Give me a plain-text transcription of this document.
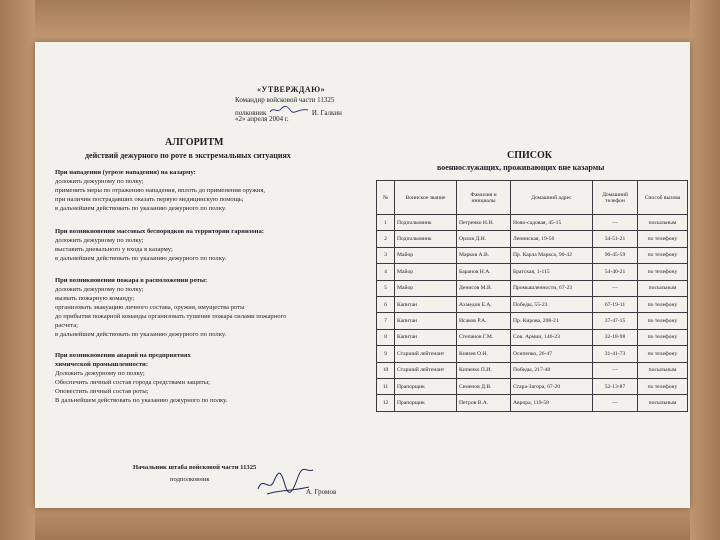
«УТВЕРЖДАЮ»
Командир войсковой части 11325
полковник	И. Галкин
«2» апреля 2004 г.
АЛГОРИТМ
действий дежурного по роте в экстремальных ситуациях
При нападении (угрозе нападения) на казарму:
доложить дежурному по полку;
применить меры по отражению нападения, вплоть до применения оружия,
при наличии пострадавших оказать первую медицинскую помощь;
в дальнейшем действовать по указанию дежурного по полку.
При возникновении массовых беспорядков на территории гарнизона:
доложить дежурному по полку;
выставить дневального у входа в казарму;
в дальнейшем действовать по указанию дежурного по полку.
При возникновении пожара в расположении роты:
доложить дежурному по полку;
вызвать пожарную команду;
организовать эвакуацию личного состава, оружия, имущества роты
до прибытия пожарной команды организовать тушение пожара силами пожарного
расчета;
в дальнейшем действовать по указанию дежурного по полку.
При возникновении аварий на предприятиях
химической промышленности:
Доложить дежурному по полку;
Обеспечить личный состав города средствами защиты;
Оповестить личный состав роты;
В дальнейшем действовать по указанию дежурного по полку.
СПИСОК
военнослужащих, проживающих вне казармы
№	Воинское звание	Фамилия и инициалы	Домашний адрес	Домашний телефон	Способ вызова
1	Подполковник	Петренко Н.Н.	Ново-садовая, 45-15	—	посыльным
2	Подполковник	Орлов Д.Н.	Ленинская, 19-56	34-51-21	по телефону
3	Майор	Марков А.В.	Пр. Карла Маркса, 90-42	90-45-59	по телефону
4	Майор	Баранов Н.А.	Братская, 1-115	54-40-21	по телефону
5	Майор	Денисов М.В.	Промышленности, 67-23	—	посыльным
6	Капитан	Ахмедов Е.А.	Победы, 55-23	67-19-11	по телефону
7	Капитан	Исаков Р.А.	Пр. Кирова, 208-21	37-47-15	по телефону
8	Капитан	Степанов Г.М.	Сов. Армии, 146-23	32-18-98	по телефону
9	Старший лейтенант	Князев О.Н.	Осипенко, 26-47	31-41-73	по телефону
10	Старший лейтенант	Кипенко П.И.	Победы, 217-40	—	посыльным
11	Прапорщик	Семенов Д.В.	Стара-Загора, 67-20	52-13-87	по телефону
12	Прапорщик	Петров В.А.	Аврора, 119-58	—	посыльным
Начальник штаба войсковой части 11325
подполковник
А. Громов
